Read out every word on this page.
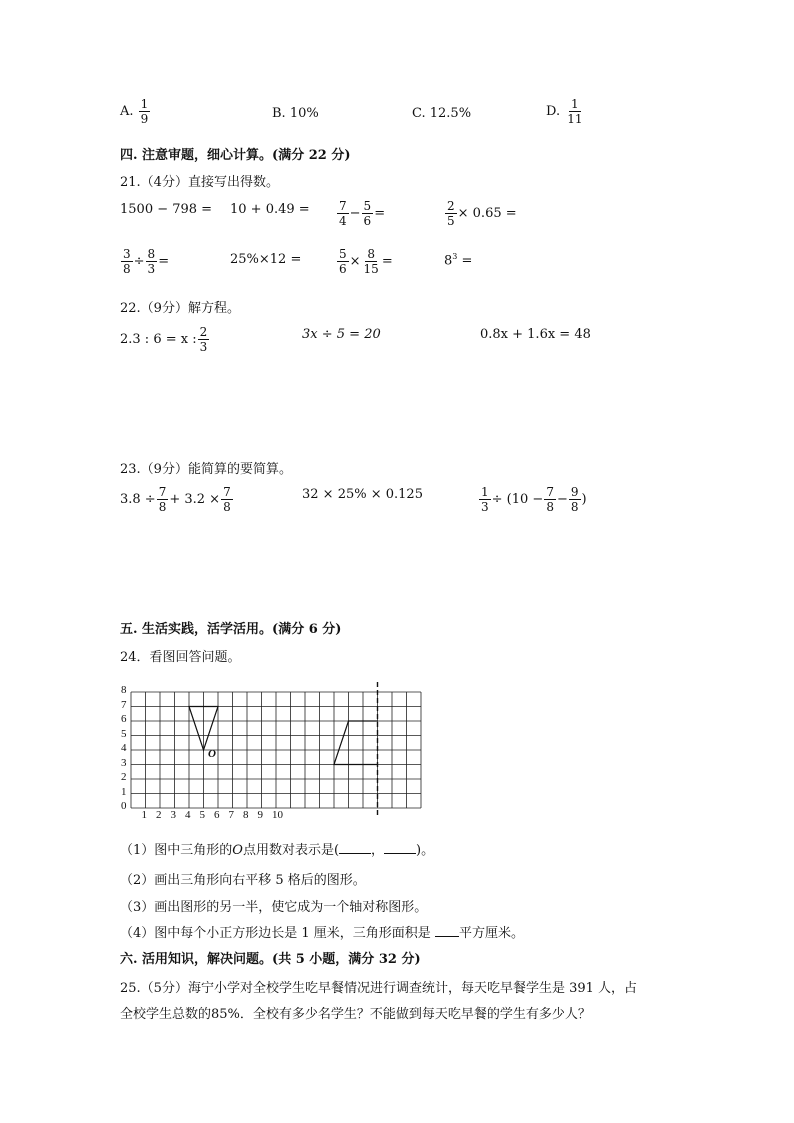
A. $\frac{1}{9}$	B. 10%	C. 12.5%	D. $\frac{1}{11}$
四. 注意审题，细心计算。(满分 22 分)
21.（4分）直接写出得数。
$1500 - 798 = 10 + 0.49 = \frac{7}{4} - \frac{5}{6}$ =	$\frac{2}{5} \times 0.65$ =
$\frac{3}{8} \div \frac{8}{3}$ =	25%×12 =	$\frac{5}{6} \times \frac{8}{15}$ =	$8^3$ =
22.（9分）解方程。
2.3 : 6 = x : $\frac{2}{3}$	3x ÷ 5 = 20	0.8x + 1.6x = 48
23.（9分）能简算的要简算。
$3.8 \div \frac{7}{8} + 3.2 \times \frac{7}{8}$	32 × 25% × 0.125	$\frac{1}{3} \div (10 - \frac{7}{8} - \frac{9}{8}$ )
五. 生活实践，活学活用。(满分 6 分)
24．看图回答问题。
0
1
2
3
4
5
6
7
8
1 2 3 4 5 6 7 8 9 10
O
（1）图中三角形的O点用数对表示是( ， )。
（2）画出三角形向右平移 5 格后的图形。
（3）画出图形的另一半，使它成为一个轴对称图形。
（4）图中每个小正方形边长是 1 厘米，三角形面积是 平方厘米。
六. 活用知识，解决问题。(共 5 小题，满分 32 分)
25.（5分）海宁小学对全校学生吃早餐情况进行调查统计，每天吃早餐学生是 391 人，占
全校学生总数的85%．全校有多少名学生？不能做到每天吃早餐的学生有多少人？
